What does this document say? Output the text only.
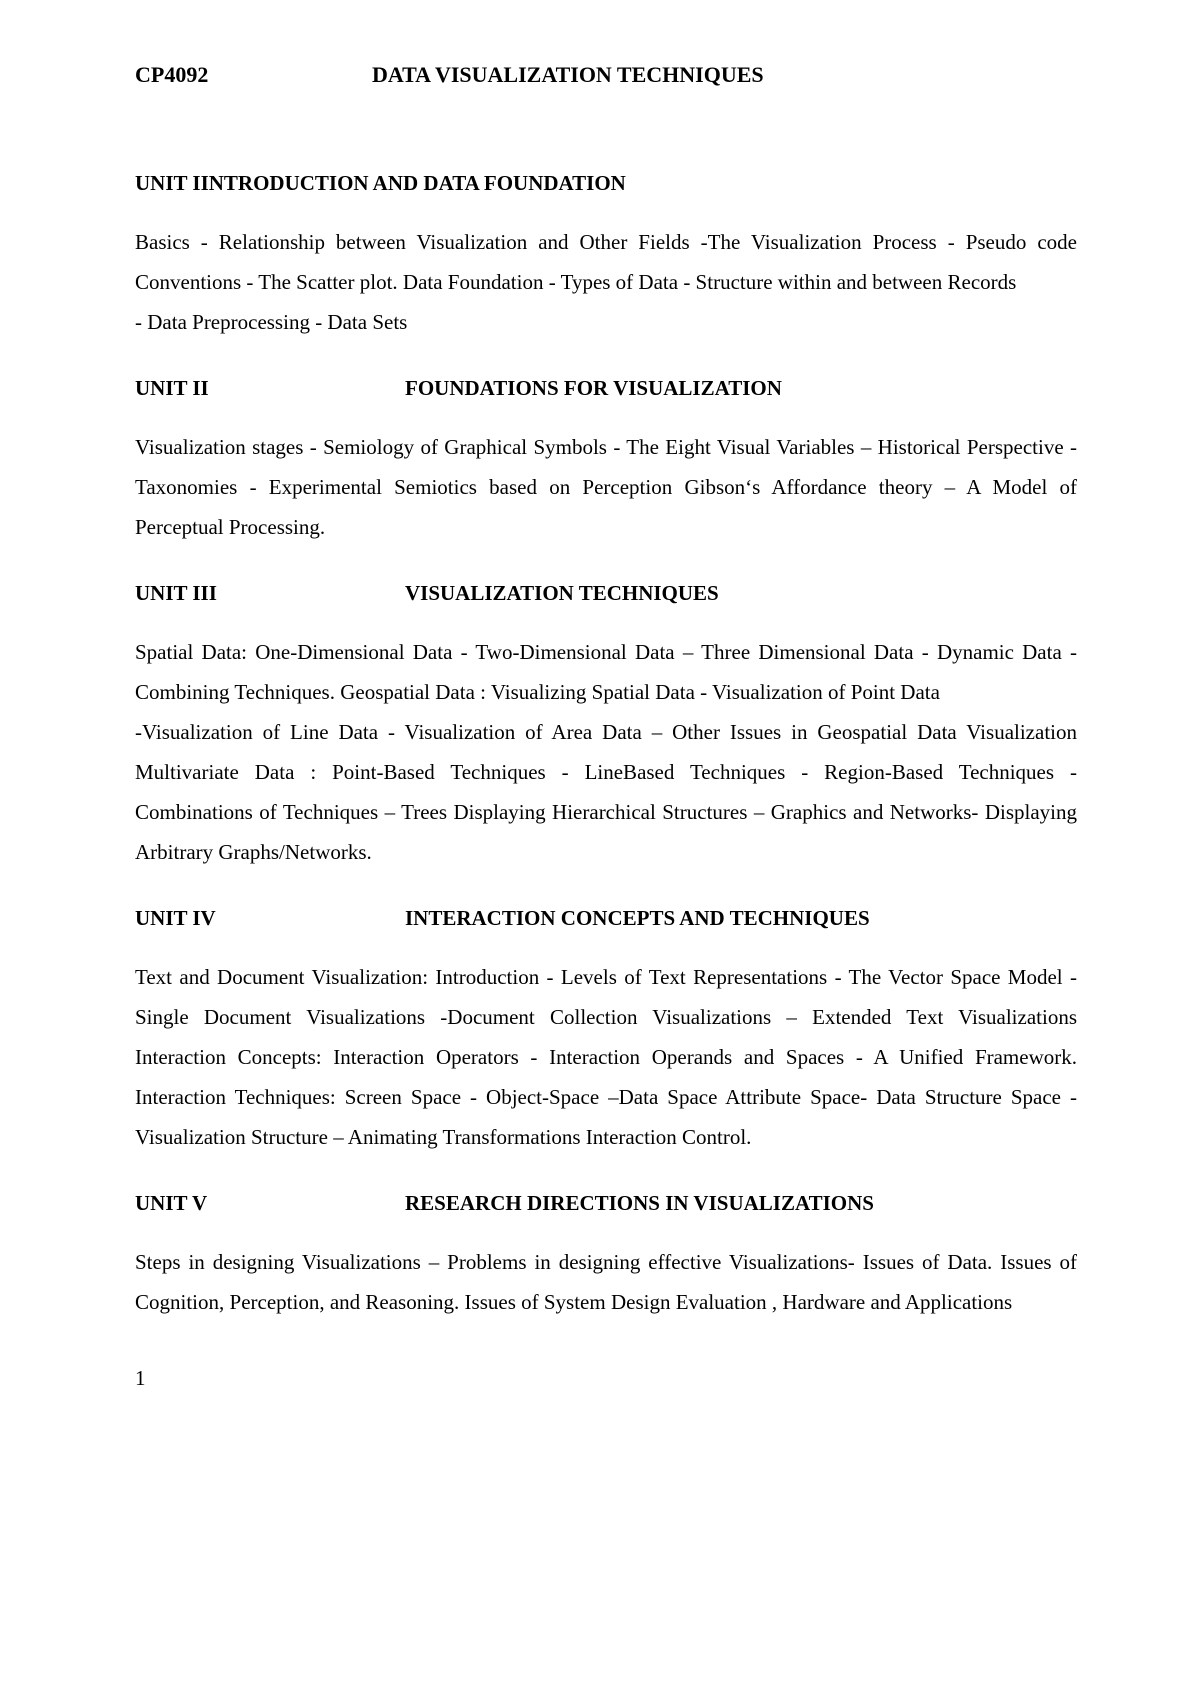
CP4092	DATA VISUALIZATION TECHNIQUES
UNIT I INTRODUCTION AND DATA FOUNDATION

Basics - Relationship between Visualization and Other Fields -The Visualization Process - Pseudo code Conventions - The Scatter plot. Data Foundation - Types of Data - Structure within and between Records

- Data Preprocessing - Data Sets

UNIT II	FOUNDATIONS FOR VISUALIZATION

Visualization stages - Semiology of Graphical Symbols - The Eight Visual Variables – Historical Perspective - Taxonomies - Experimental Semiotics based on Perception Gibson‘s Affordance theory – A Model of Perceptual Processing.

UNIT III	VISUALIZATION TECHNIQUES

Spatial Data: One-Dimensional Data - Two-Dimensional Data – Three Dimensional Data - Dynamic Data - Combining Techniques. Geospatial Data : Visualizing Spatial Data - Visualization of Point Data

-Visualization of Line Data - Visualization of Area Data – Other Issues in Geospatial Data Visualization Multivariate Data : Point-Based Techniques - LineBased Techniques - Region-Based Techniques - Combinations of Techniques – Trees Displaying Hierarchical Structures – Graphics and Networks- Displaying Arbitrary Graphs/Networks.

UNIT IV	INTERACTION CONCEPTS AND TECHNIQUES

Text and Document Visualization: Introduction - Levels of Text Representations - The Vector Space Model - Single Document Visualizations -Document Collection Visualizations – Extended Text Visualizations Interaction Concepts: Interaction Operators - Interaction Operands and Spaces - A Unified Framework. Interaction Techniques: Screen Space - Object-Space –Data Space Attribute Space- Data Structure Space - Visualization Structure – Animating Transformations Interaction Control.

UNIT V	RESEARCH DIRECTIONS IN VISUALIZATIONS

Steps in designing Visualizations – Problems in designing effective Visualizations- Issues of Data. Issues of Cognition, Perception, and Reasoning. Issues of System Design Evaluation , Hardware and Applications

1
